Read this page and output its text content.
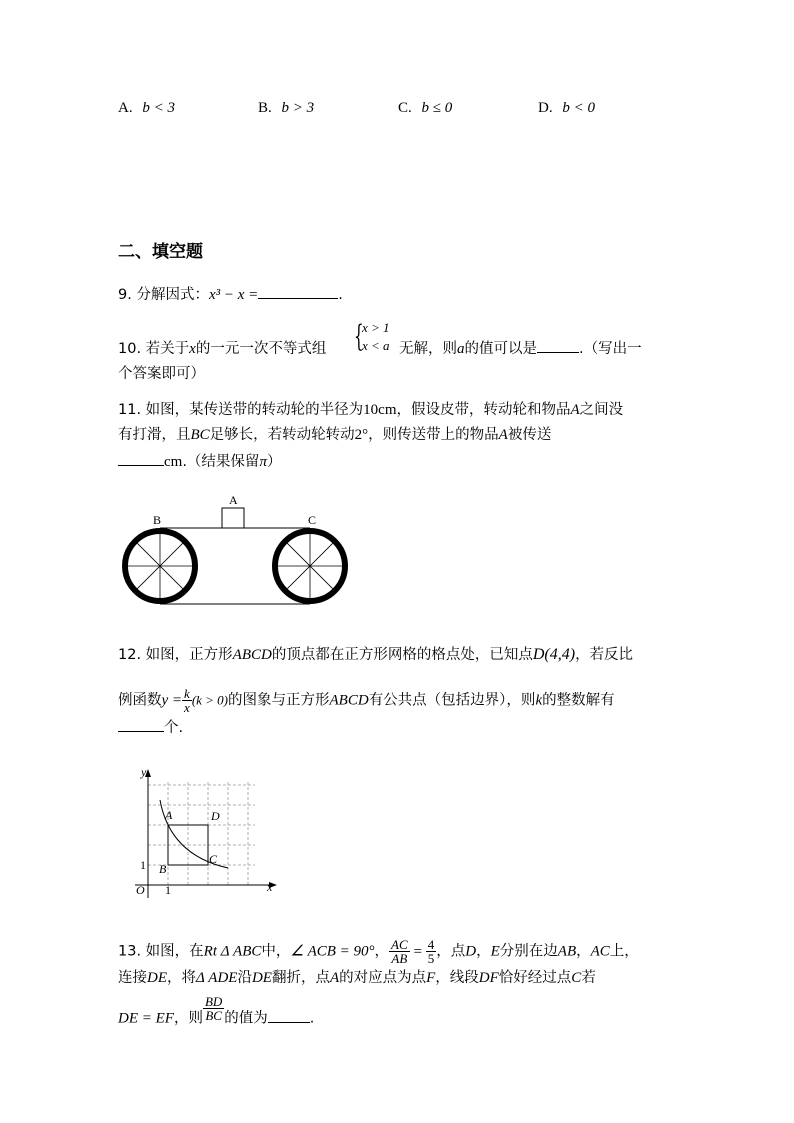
A. b < 3	B. b > 3	C. b ≤ 0	D. b < 0
二、填空题
9. 分解因式：x³ − x =	.
10. 若关于x的一元一次不等式组 {
x > 1
x < a 无解，则a的值可以是	.（写出一
个答案即可）
11. 如图，某传送带的转动轮的半径为10cm，假设皮带，转动轮和物品A之间没
有打滑，且BC足够长，若转动轮转动2°，则传送带上的物品A被传送
cm.（结果保留π）
A
B	C
12. 如图，正方形ABCD的顶点都在正方形网格的格点处，已知点D(4,4)，若反比
例函数$y = \frac{k}{x} (k > 0)$的图象与正方形ABCD有公共点（包括边界），则k的整数解有
个.
y
x
O 1
1
A
B
C
D
13. 如图，在Rt Δ ABC中，∠ ACB = 90°， $\frac{AC}{AB} = \frac{4}{5}$ ，点D，E分别在边AB，AC上，
连接DE，将Δ ADE沿DE翻折，点A的对应点为点F，线段DF恰好经过点C若
DE = EF，则 $\frac{BD}{BC}$ 的值为	.
